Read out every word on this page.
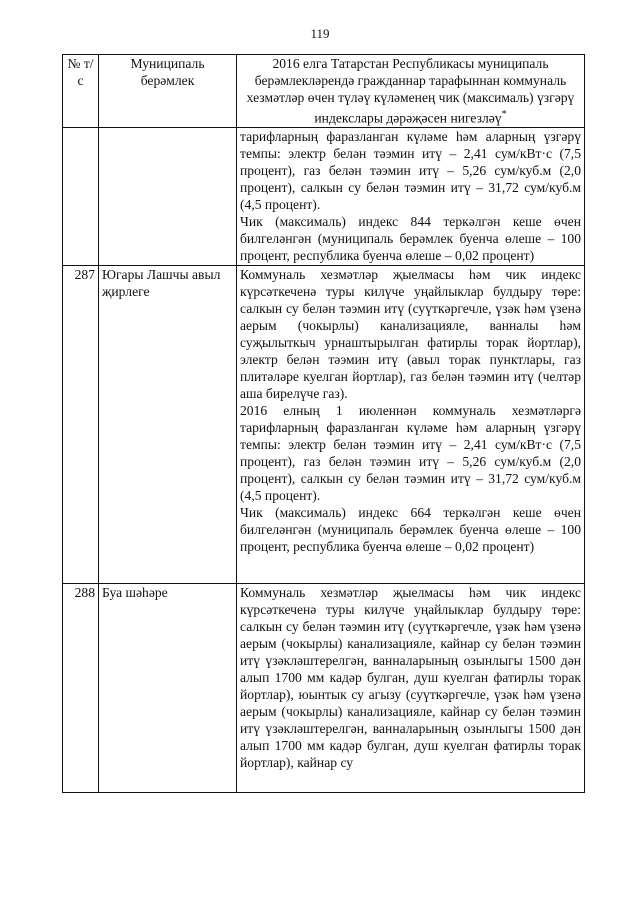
119
№ т/с	Муниципаль берәмлек	2016 елга Татарстан Республикасы муниципаль берәмлекләрендә гражданнар тарафыннан коммуналь хезмәтләр өчен түләү күләменең чик (максималь) үзгәрү индекслары дәрәҗәсен нигезләү*

		тарифларның фаразланган күләме һәм аларның үзгәрү темпы: электр белән тәэмин итү – 2,41 сум/кВт·с (7,5 процент), газ белән тәэмин итү – 5,26 сум/куб.м (2,0 процент), салкын су белән тәэмин итү – 31,72 сум/куб.м (4,5 процент).

Чик (максималь) индекс 844 теркәлгән кеше өчен билгеләнгән (муниципаль берәмлек буенча өлеше – 100 процент, республика буенча өлеше – 0,02 процент)

287	Югары Лашчы авыл җирлеге	Коммуналь хезмәтләр җыелмасы һәм чик индекс күрсәткеченә туры килүче уңайлыклар булдыру төре: салкын су белән тәэмин итү (суүткәргечле, үзәк һәм үзенә аерым (чокырлы) канализацияле, ванналы һәм суҗылыткыч урнаштырылган фатирлы торак йортлар), электр белән тәэмин итү (авыл торак пунктлары, газ плитәләре куелган йортлар), газ белән тәэмин итү (челтәр аша бирелүче газ).

2016 елның 1 июленнән коммуналь хезмәтләргә тарифларның фаразланган күләме һәм аларның үзгәрү темпы: электр белән тәэмин итү – 2,41 сум/кВт·с (7,5 процент), газ белән тәэмин итү – 5,26 сум/куб.м (2,0 процент), салкын су белән тәэмин итү – 31,72 сум/куб.м (4,5 процент).

Чик (максималь) индекс 664 теркәлгән кеше өчен билгеләнгән (муниципаль берәмлек буенча өлеше – 100 процент, республика буенча өлеше – 0,02 процент)

288	Буа шәһәре	Коммуналь хезмәтләр җыелмасы һәм чик индекс күрсәткеченә туры килүче уңайлыклар булдыру төре: салкын су белән тәэмин итү (суүткәргечле, үзәк һәм үзенә аерым (чокырлы) канализацияле, кайнар су белән тәэмин итү үзәкләштерелгән, ванналарының озынлыгы 1500 дән алып 1700 мм кадәр булган, душ куелган фатирлы торак йортлар), юынтык су агызу (суүткәргечле, үзәк һәм үзенә аерым (чокырлы) канализацияле, кайнар су белән тәэмин итү үзәкләштерелгән, ванналарының озынлыгы 1500 дән алып 1700 мм кадәр булган, душ куелган фатирлы торак йортлар), кайнар су
